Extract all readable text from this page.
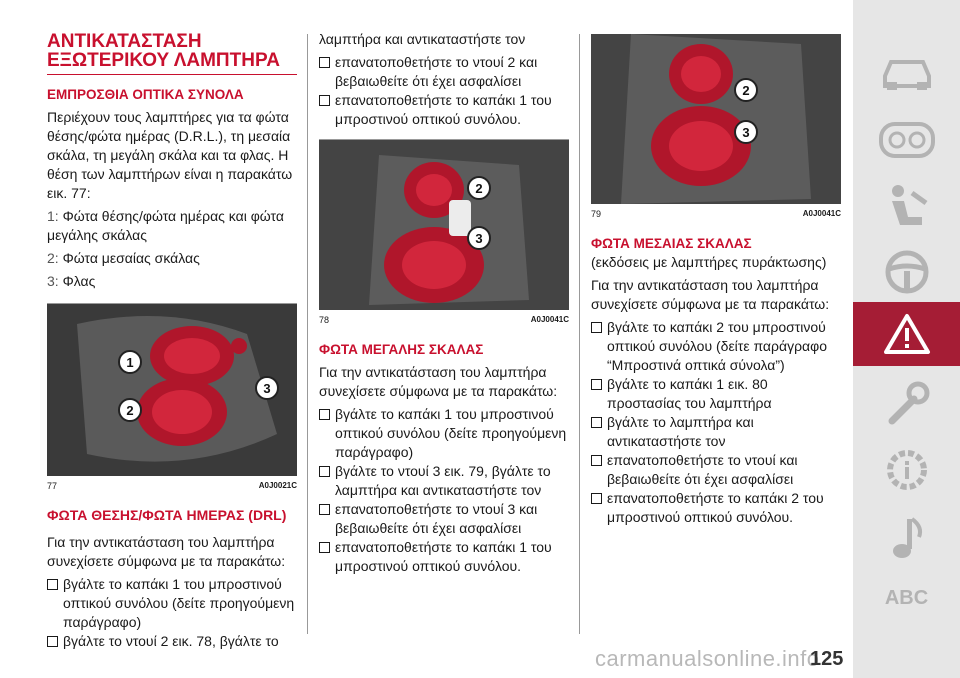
ΑΝΤΙΚΑΤΑΣΤΑΣΗ
ΕΞΩΤΕΡΙΚΟΥ ΛΑΜΠΤΗΡΑ
ΕΜΠΡΟΣΘΙΑ ΟΠΤΙΚΑ ΣΥΝΟΛΑ

Περιέχουν τους λαμπτήρες για τα φώτα θέσης/φώτα ημέρας (D.R.L.), τη μεσαία σκάλα, τη μεγάλη σκάλα και τα φλας. Η θέση των λαμπτήρων είναι η παρακάτω εικ. 77:

1: Φώτα θέσης/φώτα ημέρας και φώτα μεγάλης σκάλας
2: Φώτα μεσαίας σκάλας
3: Φλας
1
2
3
77	A0J0021C
ΦΩΤΑ ΘΕΣΗΣ/ΦΩΤΑ ΗΜΕΡΑΣ (DRL)

Για την αντικατάσταση του λαμπτήρα συνεχίσετε σύμφωνα με τα παρακάτω:

βγάλτε το καπάκι 1 του μπροστινού οπτικού συνόλου (δείτε προηγούμενη παράγραφο)
βγάλτε το ντουί 2 εικ. 78, βγάλτε το

λαμπτήρα και αντικαταστήστε τον

επανατοποθετήστε το ντουί 2 και βεβαιωθείτε ότι έχει ασφαλίσει
επανατοποθετήστε το καπάκι 1 του μπροστινού οπτικού συνόλου.
2
3
78	A0J0041C
ΦΩΤΑ ΜΕΓΑΛΗΣ ΣΚΑΛΑΣ

Για την αντικατάσταση του λαμπτήρα συνεχίσετε σύμφωνα με τα παρακάτω:

βγάλτε το καπάκι 1 του μπροστινού οπτικού συνόλου (δείτε προηγούμενη παράγραφο)
βγάλτε το ντουί 3 εικ. 79, βγάλτε το λαμπτήρα και αντικαταστήστε τον
επανατοποθετήστε το ντουί 3 και βεβαιωθείτε ότι έχει ασφαλίσει
επανατοποθετήστε το καπάκι 1 του μπροστινού οπτικού συνόλου.
2
3
79	A0J0041C
ΦΩΤΑ ΜΕΣΑΙΑΣ ΣΚΑΛΑΣ

(εκδόσεις με λαμπτήρες πυράκτωσης)

Για την αντικατάσταση του λαμπτήρα συνεχίσετε σύμφωνα με τα παρακάτω:

βγάλτε το καπάκι 2 του μπροστινού οπτικού συνόλου (δείτε παράγραφο “Μπροστινά οπτικά σύνολα”)
βγάλτε το καπάκι 1 εικ. 80 προστασίας του λαμπτήρα
βγάλτε το λαμπτήρα και αντικαταστήστε τον
επανατοποθετήστε το ντουί και βεβαιωθείτε ότι έχει ασφαλίσει
επανατοποθετήστε το καπάκι 2 του μπροστινού οπτικού συνόλου.
ABC
carmanualsonline.info
125
